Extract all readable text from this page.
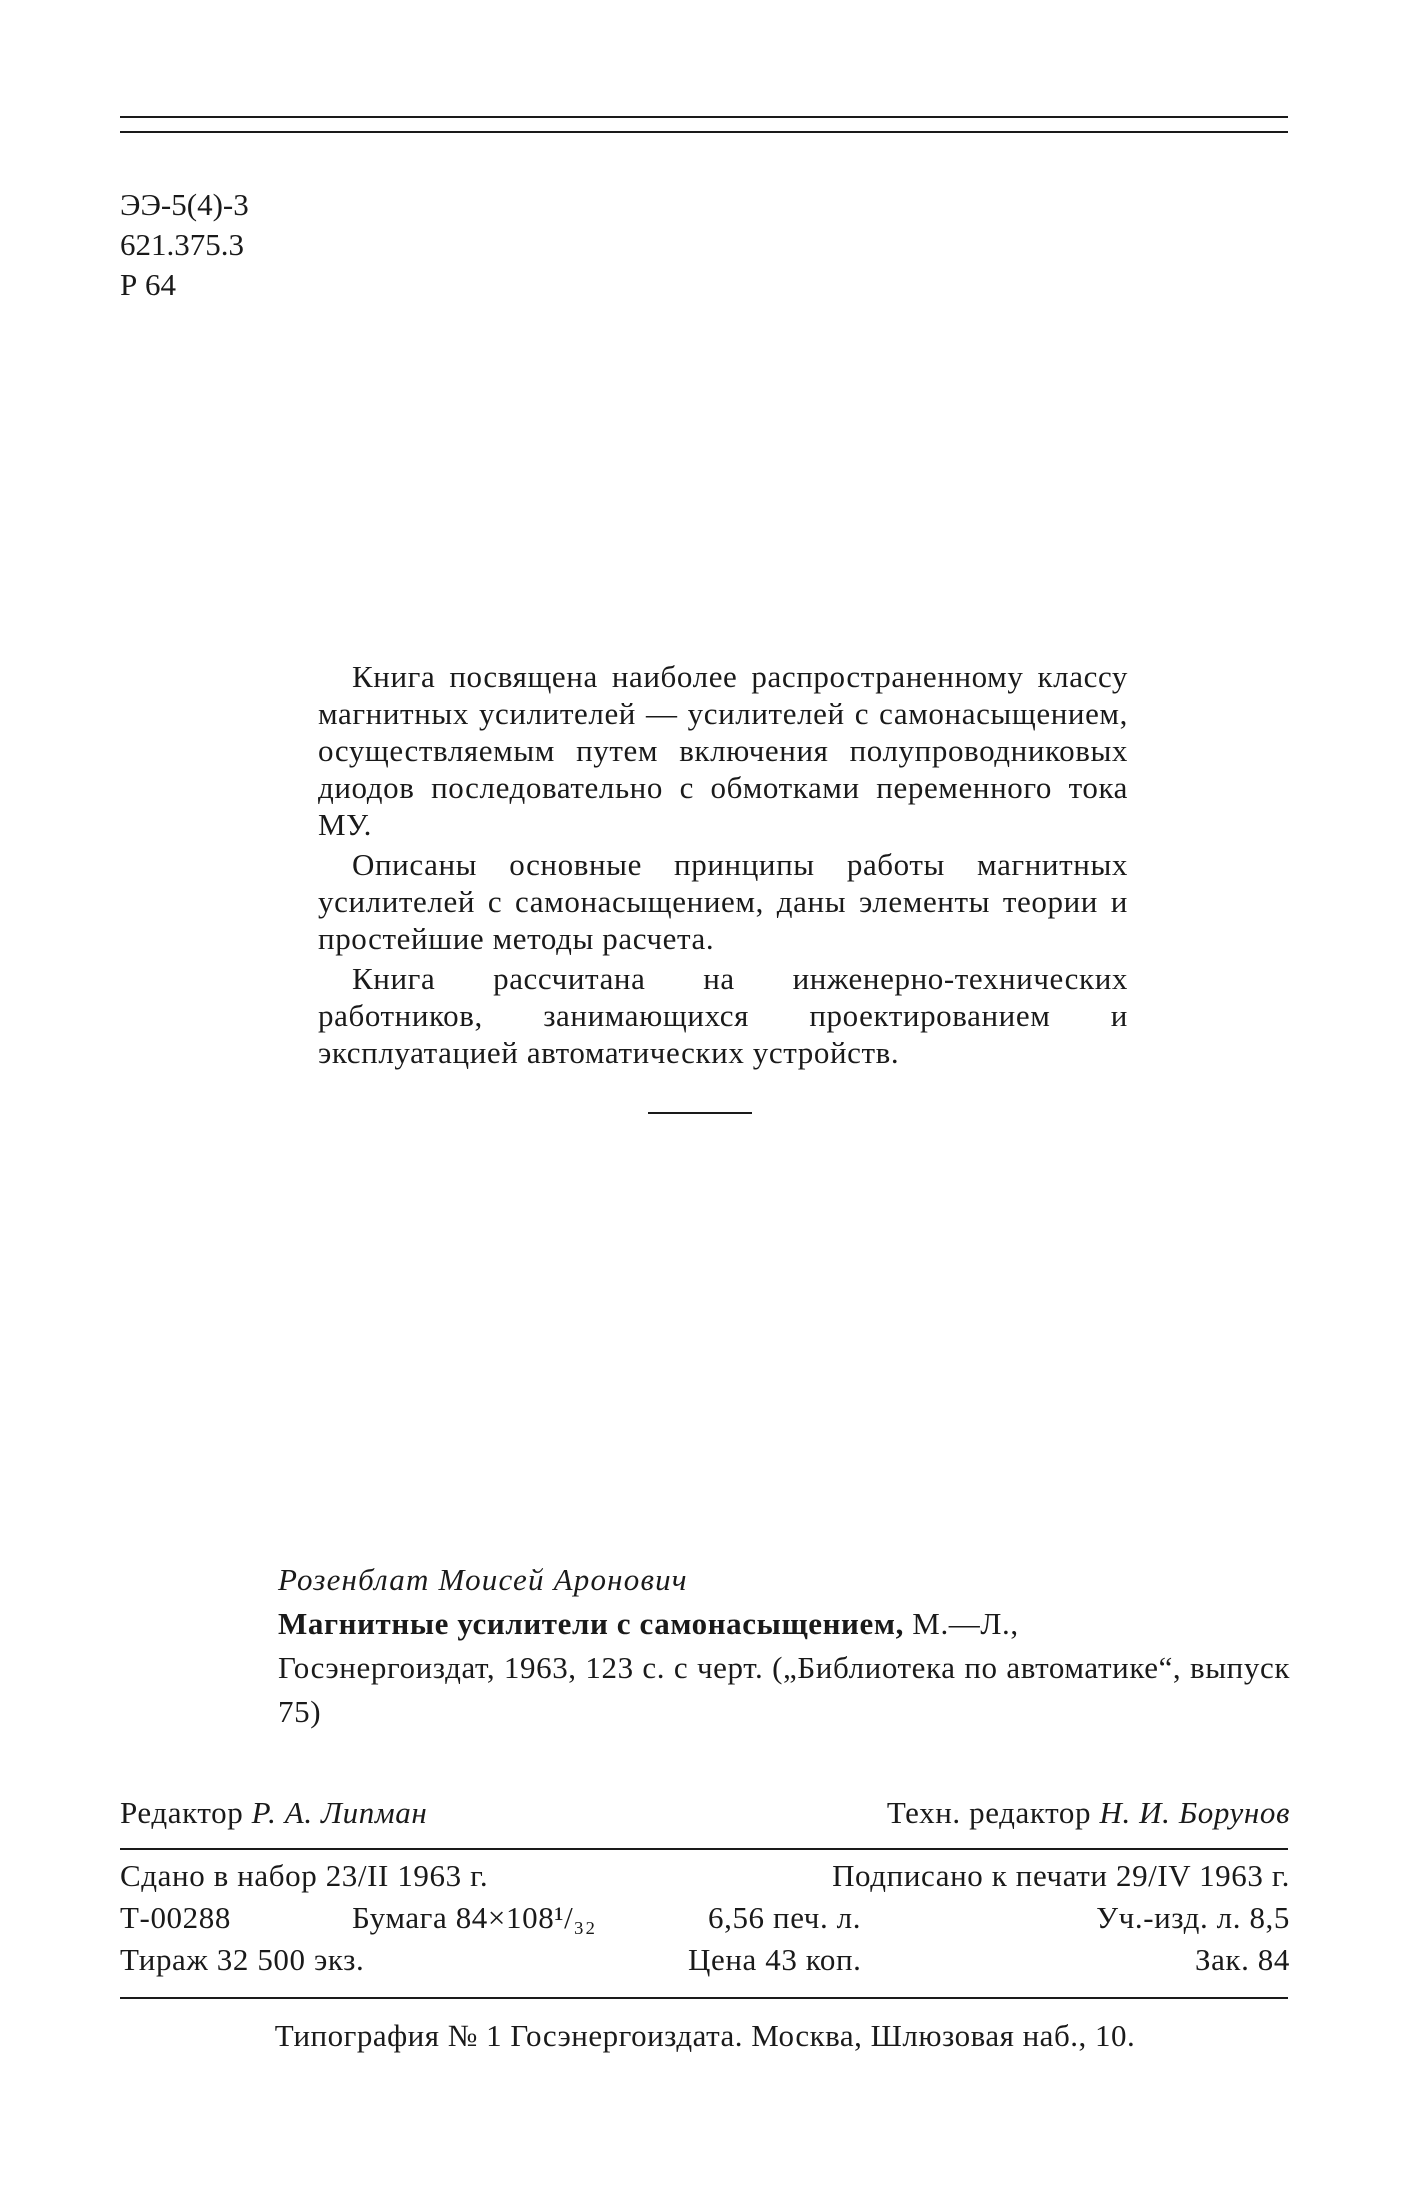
ЭЭ-5(4)-3
621.375.3
Р 64

Книга посвящена наиболее распространенному классу магнитных усилителей — усилителей с самонасыщением, осуществляемым путем включения полупроводниковых диодов последовательно с обмотками переменного тока МУ.

Описаны основные принципы работы магнитных усилителей с самонасыщением, даны элементы теории и простейшие методы расчета.

Книга рассчитана на инженерно-технических работников, занимающихся проектированием и эксплуатацией автоматических устройств.

Розенблат Моисей Аронович
Магнитные усилители с самонасыщением, М.—Л.,
Госэнергоиздат, 1963, 123 с. с черт. („Библиотека по автоматике“, выпуск 75)
Редактор Р. А. Липман	Техн. редактор Н. И. Борунов
Сдано в набор 23/II 1963 г.	Подписано к печати 29/IV 1963 г.
Т-00288	Бумага 84×108¹/₃₂	6,56 печ. л.	Уч.-изд. л. 8,5
Тираж 32 500 экз.	Цена 43 коп.	Зак. 84
Типография № 1 Госэнергоиздата. Москва, Шлюзовая наб., 10.
